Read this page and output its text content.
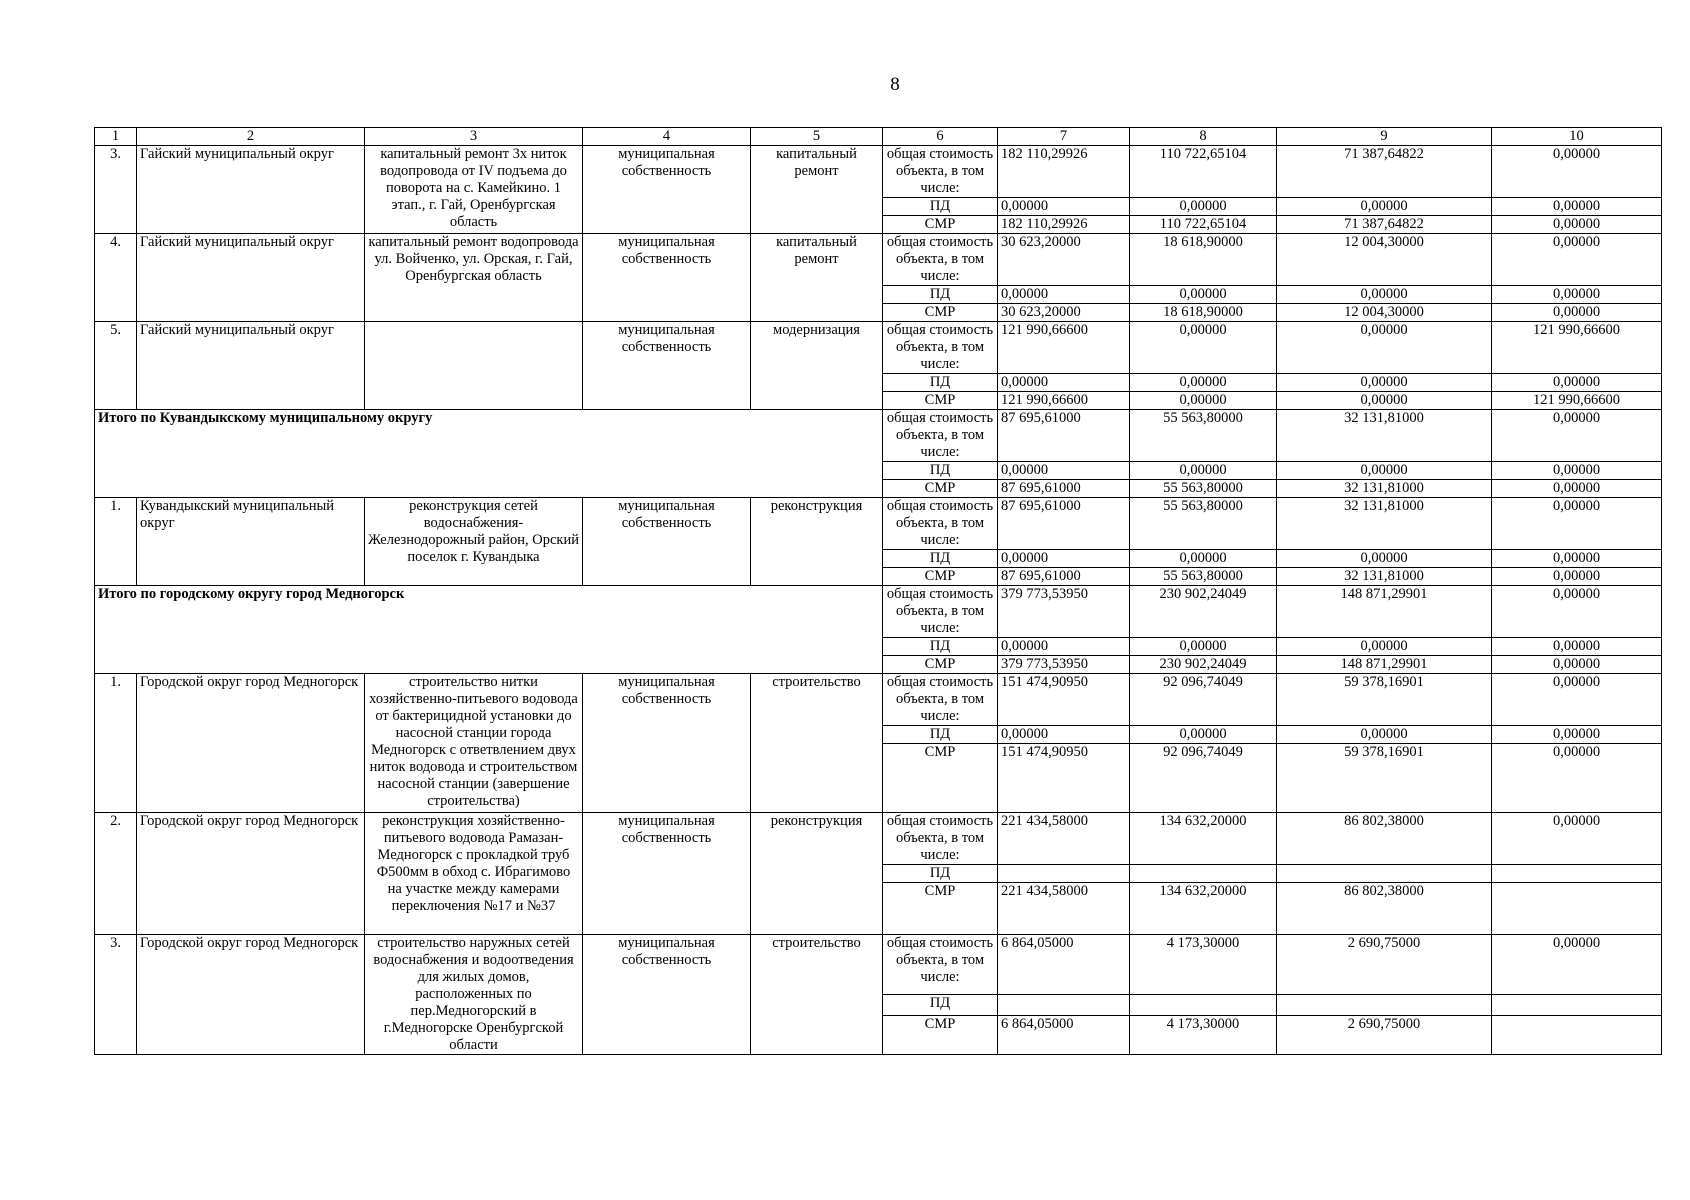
8
1	2	3	4	5	6	7	8	9	10
3.	Гайский муниципальный округ	капитальный ремонт 3х ниток водопровода от IV подъема до поворота на с. Камейкино. 1 этап., г. Гай, Оренбургская область	муниципальная собственность	капитальный ремонт	общая стоимость объекта, в том числе:	182 110,29926	110 722,65104	71 387,64822	0,00000
					ПД	0,00000	0,00000	0,00000	0,00000
					СМР	182 110,29926	110 722,65104	71 387,64822	0,00000
4.	Гайский муниципальный округ	капитальный ремонт водопровода ул. Войченко, ул. Орская, г. Гай, Оренбургская область	муниципальная собственность	капитальный ремонт	общая стоимость объекта, в том числе:	30 623,20000	18 618,90000	12 004,30000	0,00000
					ПД	0,00000	0,00000	0,00000	0,00000
					СМР	30 623,20000	18 618,90000	12 004,30000	0,00000
5.	Гайский муниципальный округ		муниципальная собственность	модернизация	общая стоимость объекта, в том числе:	121 990,66600	0,00000	0,00000	121 990,66600
					ПД	0,00000	0,00000	0,00000	0,00000
					СМР	121 990,66600	0,00000	0,00000	121 990,66600
Итого по Кувандыкскому муниципальному округу					общая стоимость объекта, в том числе:	87 695,61000	55 563,80000	32 131,81000	0,00000
					ПД	0,00000	0,00000	0,00000	0,00000
					СМР	87 695,61000	55 563,80000	32 131,81000	0,00000
1.	Кувандыкский муниципальный округ	реконструкция сетей водоснабжения- Железнодорожный район, Орский поселок г. Кувандыка	муниципальная собственность	реконструкция	общая стоимость объекта, в том числе:	87 695,61000	55 563,80000	32 131,81000	0,00000
					ПД	0,00000	0,00000	0,00000	0,00000
					СМР	87 695,61000	55 563,80000	32 131,81000	0,00000
Итого по городскому округу город Медногорск					общая стоимость объекта, в том числе:	379 773,53950	230 902,24049	148 871,29901	0,00000
					ПД	0,00000	0,00000	0,00000	0,00000
					СМР	379 773,53950	230 902,24049	148 871,29901	0,00000
1.	Городской округ город Медногорск	строительство нитки хозяйственно-питьевого водовода от бактерицидной установки до насосной станции города Медногорск с ответвлением двух ниток водовода и строительством насосной станции (завершение строительства)	муниципальная собственность	строительство	общая стоимость объекта, в том числе:	151 474,90950	92 096,74049	59 378,16901	0,00000
					ПД	0,00000	0,00000	0,00000	0,00000
					СМР	151 474,90950	92 096,74049	59 378,16901	0,00000
2.	Городской округ город Медногорск	реконструкция хозяйственно-питьевого водовода Рамазан-Медногорск с прокладкой труб Ф500мм в обход с. Ибрагимово на участке между камерами переключения №17 и №37	муниципальная собственность	реконструкция	общая стоимость объекта, в том числе:	221 434,58000	134 632,20000	86 802,38000	0,00000
					ПД				
					СМР	221 434,58000	134 632,20000	86 802,38000	
3.	Городской округ город Медногорск	строительство наружных сетей водоснабжения и водоотведения для жилых домов, расположенных по пер.Медногорский в г.Медногорске Оренбургской области	муниципальная собственность	строительство	общая стоимость объекта, в том числе:	6 864,05000	4 173,30000	2 690,75000	0,00000
					ПД				
					СМР	6 864,05000	4 173,30000	2 690,75000	
